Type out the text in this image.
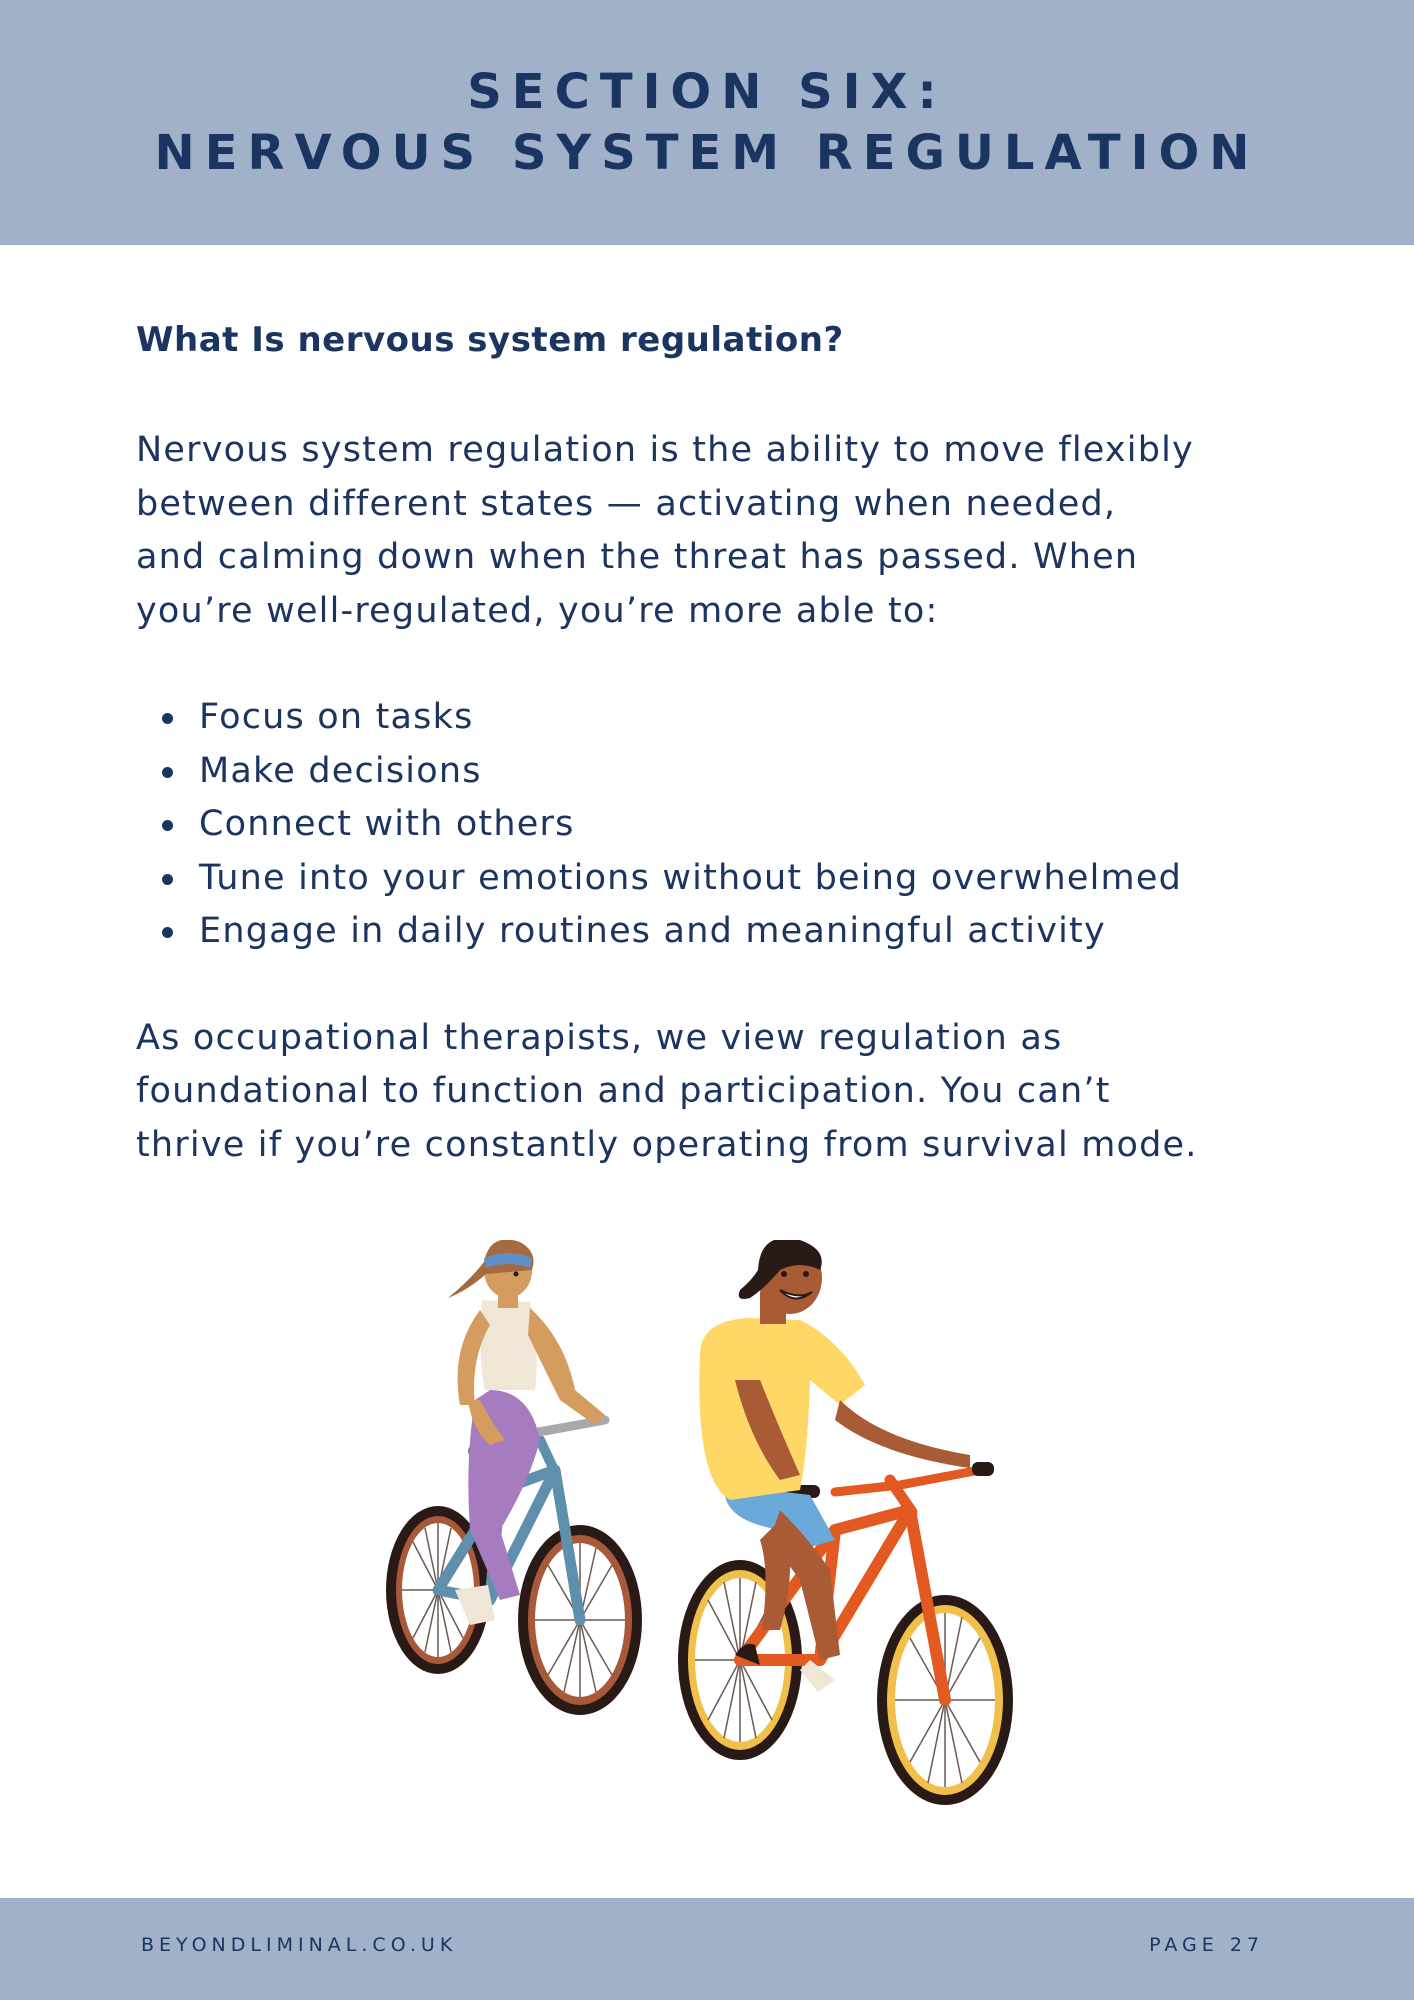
SECTION SIX:
NERVOUS SYSTEM REGULATION
What Is nervous system regulation?
Nervous system regulation is the ability to move flexibly
between different states — activating when needed,
and calming down when the threat has passed. When
you’re well-regulated, you’re more able to:
Focus on tasks
Make decisions
Connect with others
Tune into your emotions without being overwhelmed
Engage in daily routines and meaningful activity
As occupational therapists, we view regulation as
foundational to function and participation. You can’t
thrive if you’re constantly operating from survival mode.
BEYONDLIMINAL.CO.UK	PAGE 27
